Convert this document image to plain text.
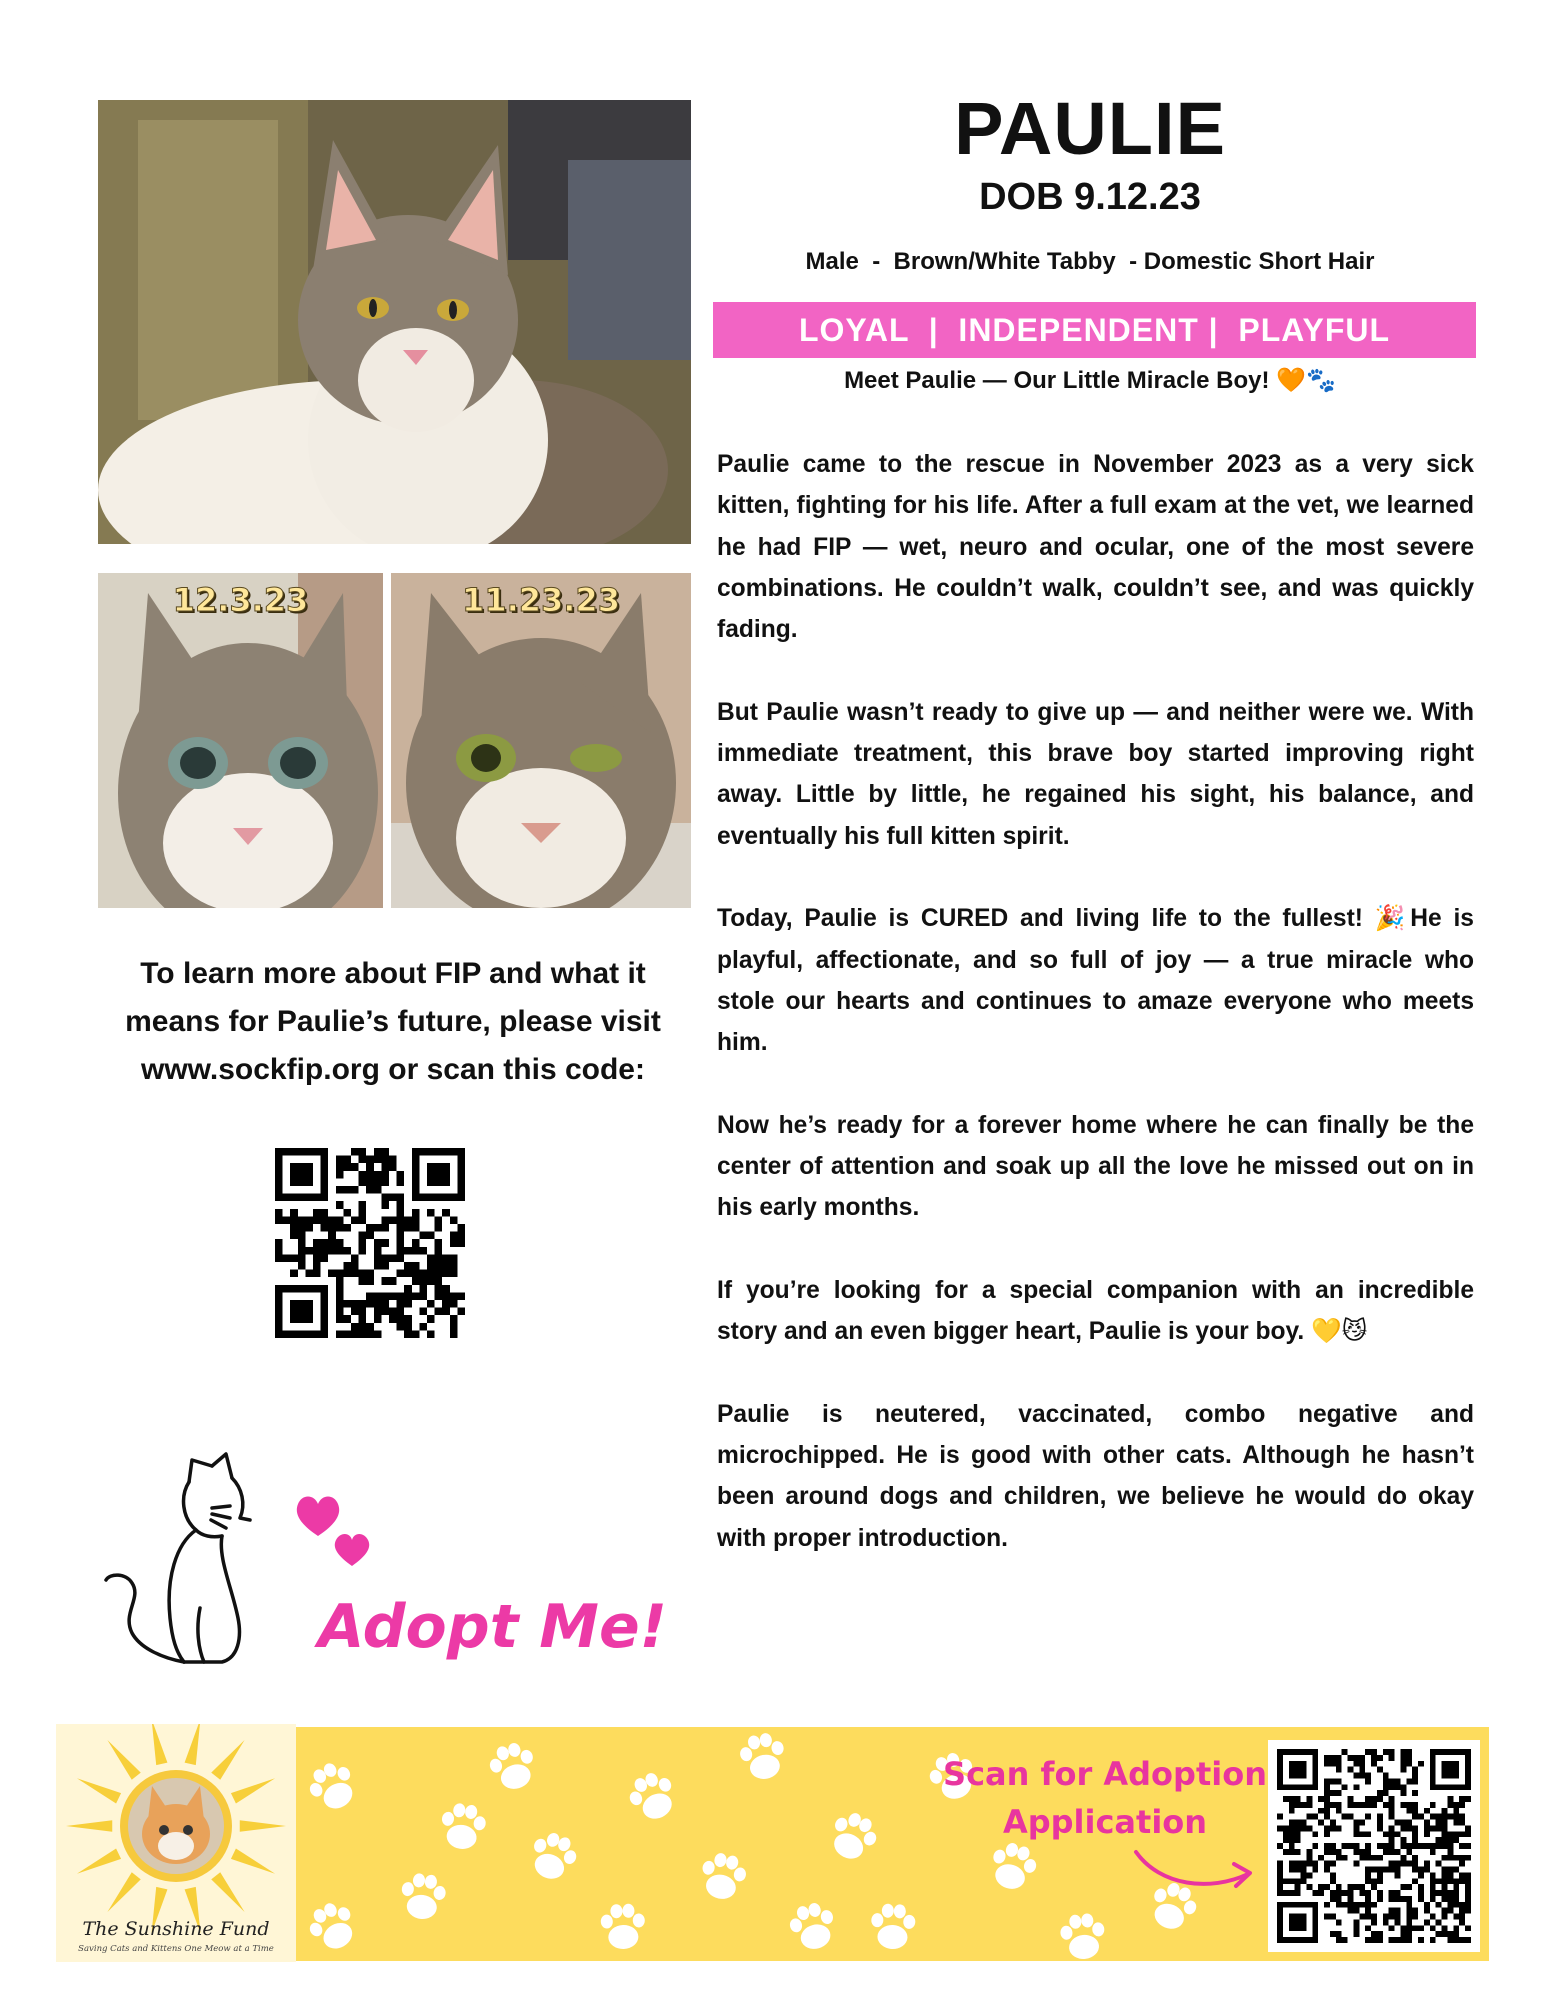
12.3.23	11.23.23
PAULIE
DOB 9.12.23
Male  -  Brown/White Tabby  - Domestic Short Hair
LOYAL  |  INDEPENDENT |  PLAYFUL
Meet Paulie — Our Little Miracle Boy! 🧡🐾

Paulie came to the rescue in November 2023 as a very sick kitten, fighting for his life. After a full exam at the vet, we learned he had FIP — wet, neuro and ocular, one of the most severe combinations. He couldn’t walk, couldn’t see, and was quickly fading.

But Paulie wasn’t ready to give up — and neither were we. With immediate treatment, this brave boy started improving right away. Little by little, he regained his sight, his balance, and eventually his full kitten spirit.

Today, Paulie is CURED and living life to the fullest! 🎉He is playful, affectionate, and so full of joy — a true miracle who stole our hearts and continues to amaze everyone who meets him.

Now he’s ready for a forever home where he can finally be the center of attention and soak up all the love he missed out on in his early months.

If you’re looking for a special companion with an incredible story and an even bigger heart, Paulie is your boy. 💛😼

Paulie is neutered, vaccinated, combo negative and microchipped. He is good with other cats. Although he hasn’t been around dogs and children, we believe he would do okay with proper introduction.

To learn more about FIP and what it
means for Paulie’s future, please visit
www.sockfip.org or scan this code:
Adopt Me!
The Sunshine Fund
Saving Cats and Kittens One Meow at a Time
Scan for Adoption
Application
